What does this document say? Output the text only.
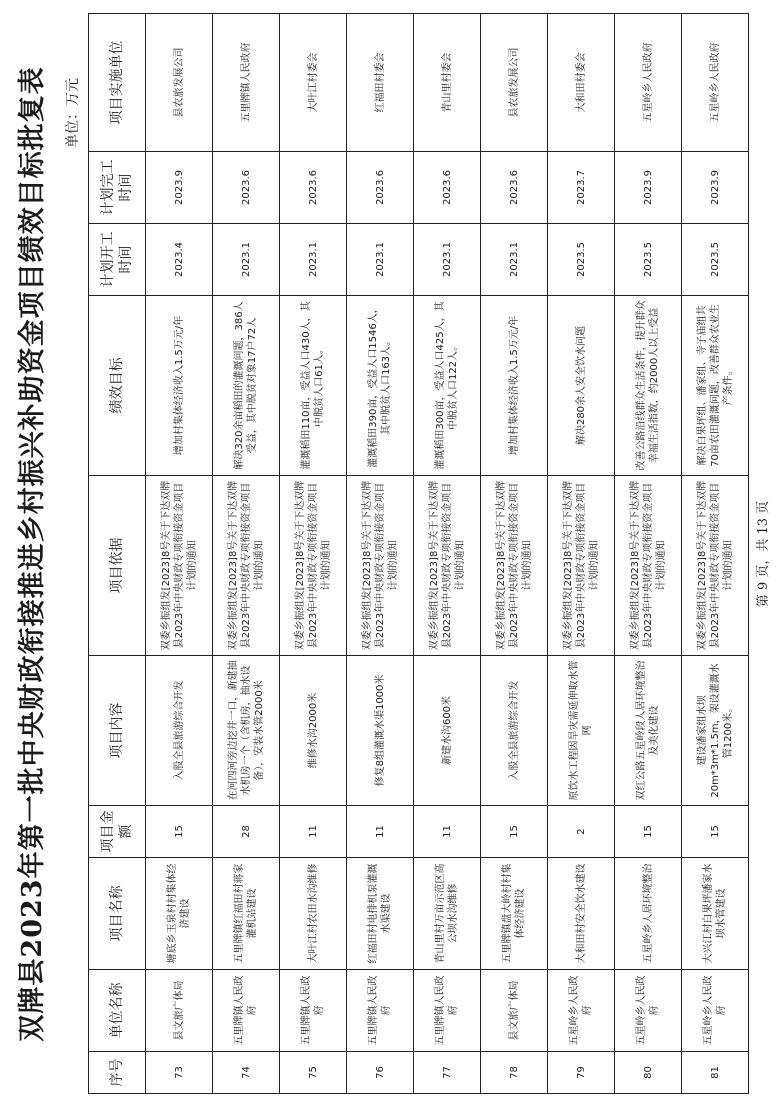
双牌县2023年第一批中央财政衔接推进乡村振兴补助资金项目绩效目标批复表 单位：万元
序号	单位名称	项目名称	项目金额	项目内容	项目依据	绩效目标	计划开工时间	计划完工时间	项目实施单位
73	县文旅广体局	塘底乡玉泉村村集体经济建设	15	入股全县旅游综合开发	双委乡振组发[2023]8号关于下达双牌县2023年中央财政专项衔接资金项目计划的通知	增加村集体经济收入1.5万元/年	2023.4	2023.9	县农旅发展公司
74	五里牌镇人民政府	五里牌镇红福田村蒋家灌机站建设	28	在河四河旁边挖井一口，新建抽水机房一个（含机房，抽水设备），安装水管2000米	双委乡振组发[2023]8号关于下达双牌县2023年中央财政专项衔接资金项目计划的通知	解决320余亩稻田的灌溉问题，386人受益，其中脱贫对象17户72人	2023.1	2023.6	五里牌镇人民政府
75	五里牌镇人民政府	大叶江村农田水沟维修	11	维修水沟2000米	双委乡振组发[2023]8号关于下达双牌县2023年中央财政专项衔接资金项目计划的通知	灌溉稻田110亩，受益人口430人，其中脱贫人口61人。	2023.1	2023.6	大叶江村委会
76	五里牌镇人民政府	红福田村电排机泵灌溉水渠建设	11	修复8组灌溉水渠1000米	双委乡振组发[2023]8号关于下达双牌县2023年中央财政专项衔接资金项目计划的通知	灌溉稻田390亩，受益人口1546人，其中脱贫人口163人。	2023.1	2023.6	红福田村委会
77	五里牌镇人民政府	青山里村万亩示范区高公坝水沟维修	11	新建水沟600米	双委乡振组发[2023]8号关于下达双牌县2023年中央财政专项衔接资金项目计划的通知	灌溉稻田300亩，受益人口425人，其中脱贫人口122人。	2023.1	2023.6	青山里村委会
78	县文旅广体局	五里牌镇盘大岭村村集体经济建设	15	入股全县旅游综合开发	双委乡振组发[2023]8号关于下达双牌县2023年中央财政专项衔接资金项目计划的通知	增加村集体经济收入1.5万元/年	2023.1	2023.6	县农旅发展公司
79	五星岭乡人民政府	大和田村安全饮水建设	2	原饮水工程因旱灾需延伸取水管网	双委乡振组发[2023]8号关于下达双牌县2023年中央财政专项衔接资金项目计划的通知	解决280余人安全饮水问题	2023.5	2023.7	大和田村委会
80	五星岭乡人民政府	五星岭乡人居环境整治	15	双红公路五星岭段人居环境整治及美化建设	双委乡振组发[2023]8号关于下达双牌县2023年中央财政专项衔接资金项目计划的通知	改善公路沿线群众生活条件，提升群众幸福生活指数，约2000人以上受益	2023.5	2023.9	五星岭乡人民政府
81	五星岭乡人民政府	大兴江村白果坪潘家水坝水管建设	15	建设潘家组水坝20m*3m*1.5m，架设灌溉水管1200米。	双委乡振组发[2023]8号关于下达双牌县2023年中央财政专项衔接资金项目计划的通知	解决白果坪组、潘家组、寺子庙组共70亩农田灌溉问题，改善群众农业生产条件。	2023.5	2023.9	五星岭乡人民政府
第 9 页，共 13 页
